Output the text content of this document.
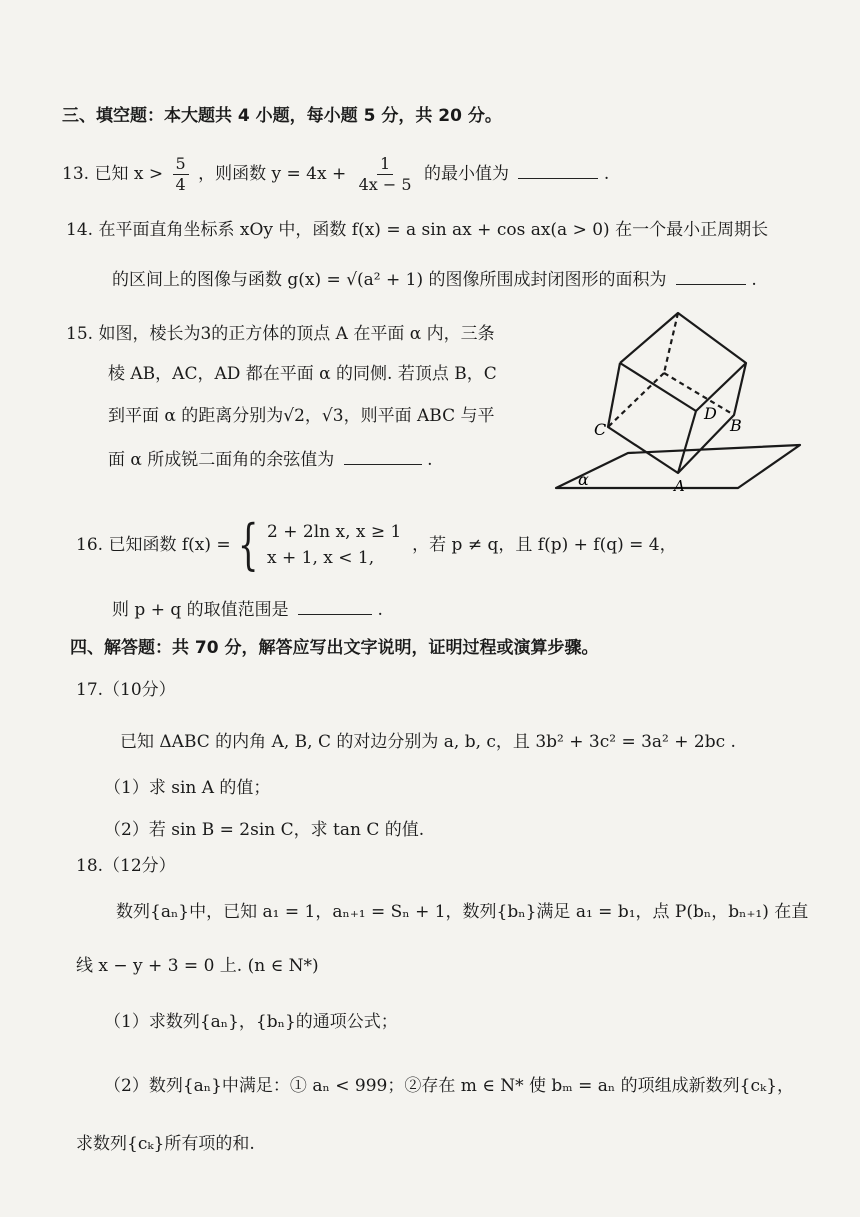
三、填空题：本大题共 4 小题，每小题 5 分，共 20 分。
13. 已知 $x > \frac{5}{4}$ ，则函数 $y = 4x + \frac{1}{4x - 5}$ 的最小值为	.
14. 在平面直角坐标系 xOy 中，函数 f(x) = a sin ax + cos ax(a > 0) 在一个最小正周期长
的区间上的图像与函数 g(x) = √(a² + 1) 的图像所围成封闭图形的面积为	.
15. 如图，棱长为3的正方体的顶点 A 在平面 α 内，三条
棱 AB，AC，AD 都在平面 α 的同侧. 若顶点 B，C
到平面 α 的距离分别为√2，√3，则平面 ABC 与平
面 α 所成锐二面角的余弦值为	.
C
D
B
A
α
16.
已知函数 f(x) = { 2 + 2ln x, x ≥ 1
x + 1, x < 1,

，若 p ≠ q，且 f(p) + f(q) = 4，
则 p + q 的取值范围是	.
四、解答题：共 70 分，解答应写出文字说明，证明过程或演算步骤。
17.（10分）
已知 ΔABC 的内角 A, B, C 的对边分别为 a, b, c，且 3b² + 3c² = 3a² + 2bc .
（1）求 sin A 的值；
（2）若 sin B = 2sin C，求 tan C 的值.
18.（12分）
数列{aₙ}中，已知 a₁ = 1，aₙ₊₁ = Sₙ + 1，数列{bₙ}满足 a₁ = b₁，点 P(bₙ，bₙ₊₁) 在直
线 x − y + 3 = 0 上. (n ∈ N*)
（1）求数列{aₙ}，{bₙ}的通项公式；
（2）数列{aₙ}中满足：① aₙ < 999；②存在 m ∈ N* 使 bₘ = aₙ 的项组成新数列{cₖ}，
求数列{cₖ}所有项的和.
